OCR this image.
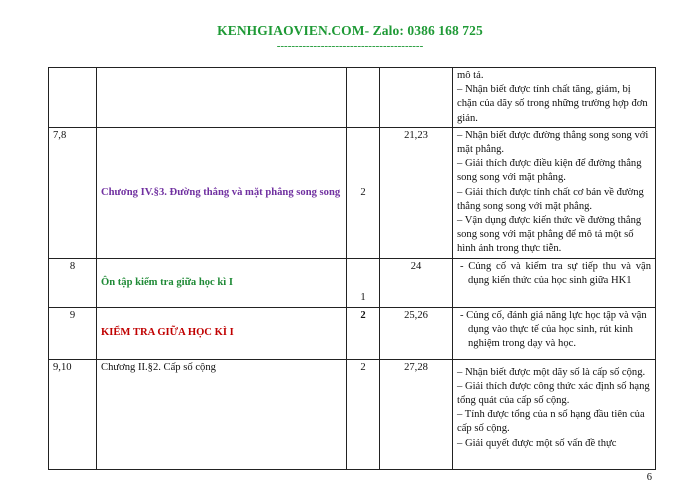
KENHGIAOVIEN.COM- Zalo: 0386 168 725
----------------------------------------

				mô tả.

– Nhận biết được tính chất tăng, giảm, bị chặn của dãy số trong những trường hợp đơn giản.

7,8	Chương IV.§3. Đường thẳng và mặt phẳng song song	2	21,23	– Nhận biết được đường thẳng song song với mặt phẳng.

– Giải thích được điều kiện để đường thẳng song song với mặt phẳng.

– Giải thích được tính chất cơ bản về đường thẳng song song với mặt phẳng.

– Vận dụng được kiến thức về đường thẳng song song với mặt phẳng để mô tả một số hình ảnh trong thực tiễn.

8	Ôn tập kiểm tra giữa học kì I	1	24	- Củng cố và kiểm tra sự tiếp thu và vận dụng kiến thức của học sinh giữa HK1

9	KIỂM TRA GIỮA HỌC KÌ I	2	25,26	- Củng cố, đánh giá năng lực học tập và vận dụng vào thực tế của học sinh, rút kinh nghiệm trong dạy và học.

9,10	Chương II.§2. Cấp số cộng	2	27,28	– Nhận biết được một dãy số là cấp số cộng.

– Giải thích được công thức xác định số hạng tổng quát của cấp số cộng.

– Tính được tổng của n số hạng đầu tiên của cấp số cộng.

– Giải quyết được một số vấn đề thực

6
